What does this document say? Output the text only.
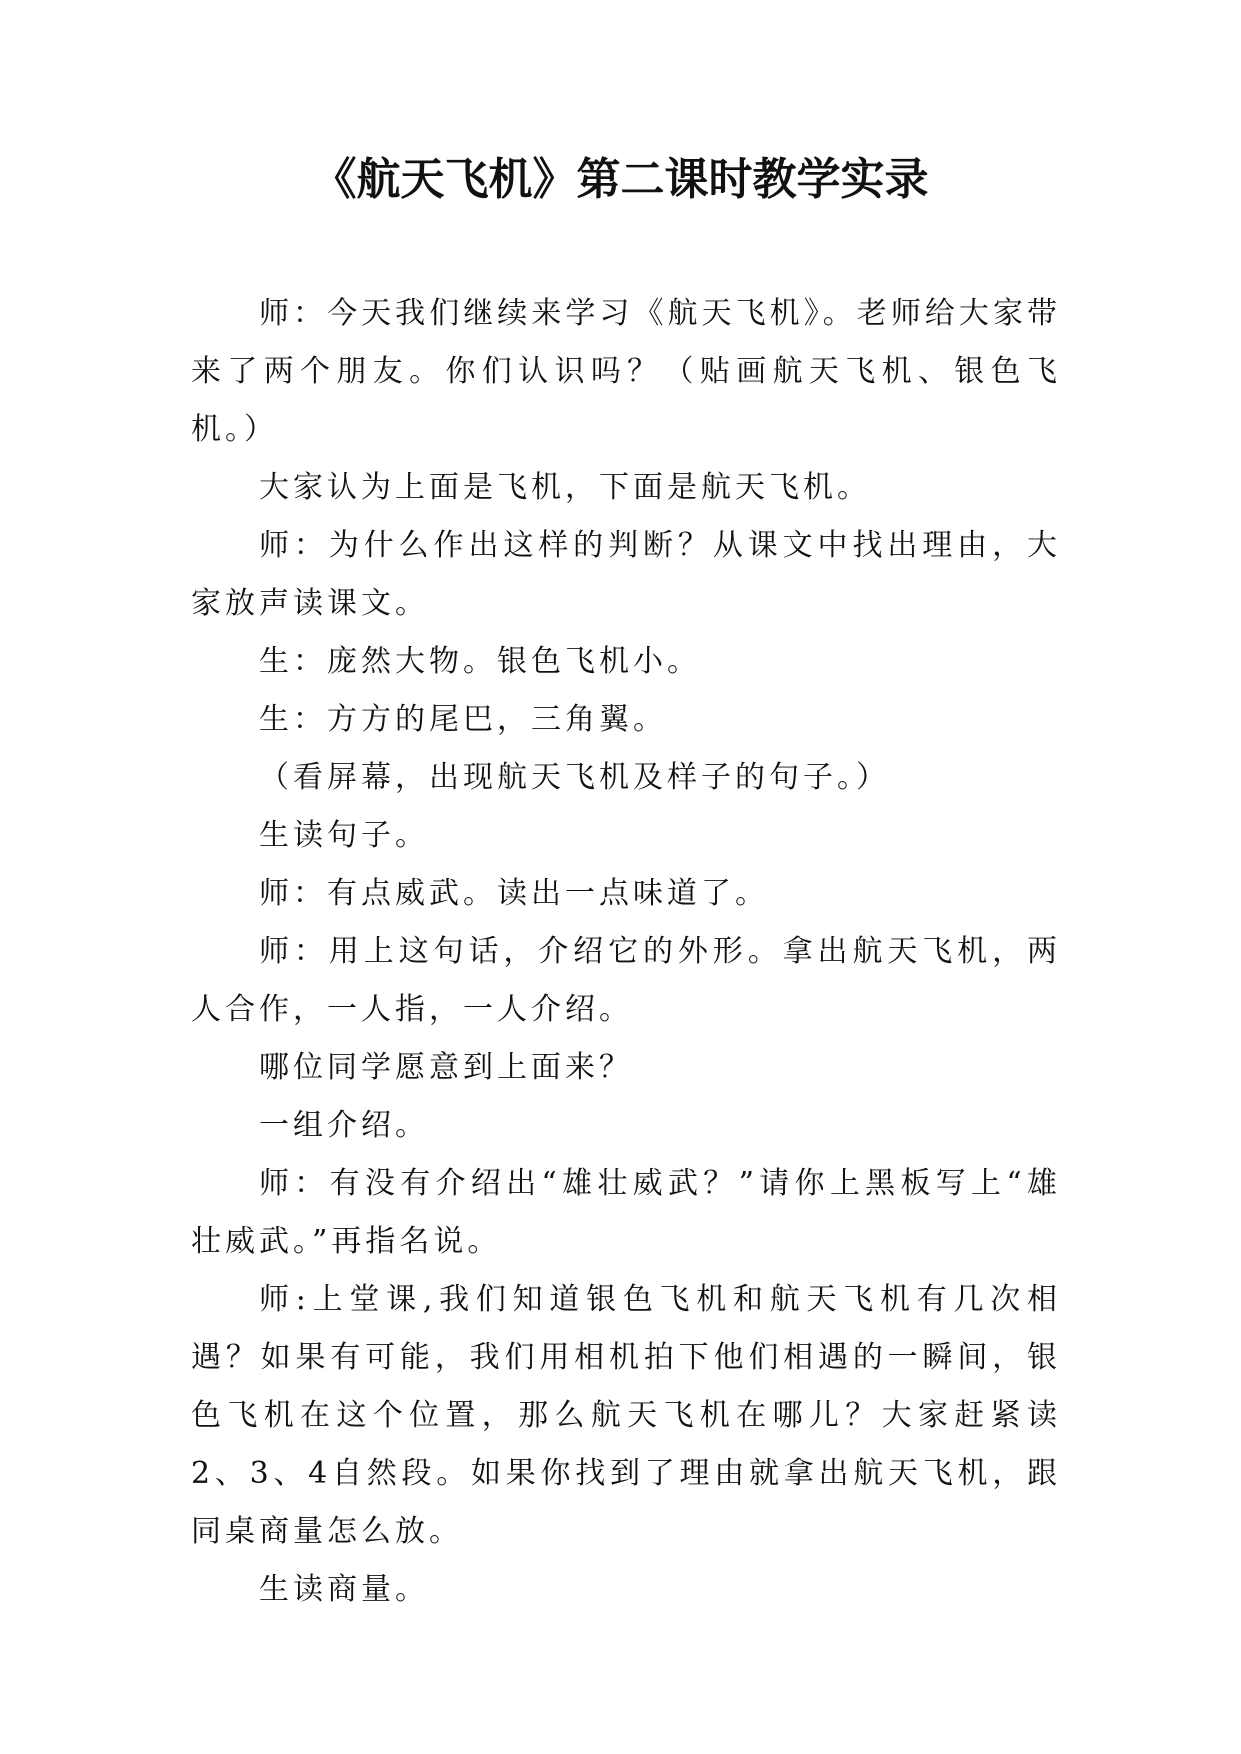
《航天飞机》第二课时教学实录

师：今天我们继续来学习《航天飞机》。老师给大家带来了两个朋友。你们认识吗？（贴画航天飞机、银色飞机。）

大家认为上面是飞机，下面是航天飞机。

师：为什么作出这样的判断？从课文中找出理由，大家放声读课文。

生：庞然大物。银色飞机小。

生：方方的尾巴，三角翼。

（看屏幕，出现航天飞机及样子的句子。）

生读句子。

师：有点威武。读出一点味道了。

师：用上这句话，介绍它的外形。拿出航天飞机，两人合作，一人指，一人介绍。

哪位同学愿意到上面来？

一组介绍。

师：有没有介绍出“雄壮威武？”请你上黑板写上“雄壮威武。”再指名说。

师:上堂课,我们知道银色飞机和航天飞机有几次相遇？如果有可能，我们用相机拍下他们相遇的一瞬间，银色飞机在这个位置，那么航天飞机在哪儿？大家赶紧读2、3、4自然段。如果你找到了理由就拿出航天飞机，跟同桌商量怎么放。

生读商量。
